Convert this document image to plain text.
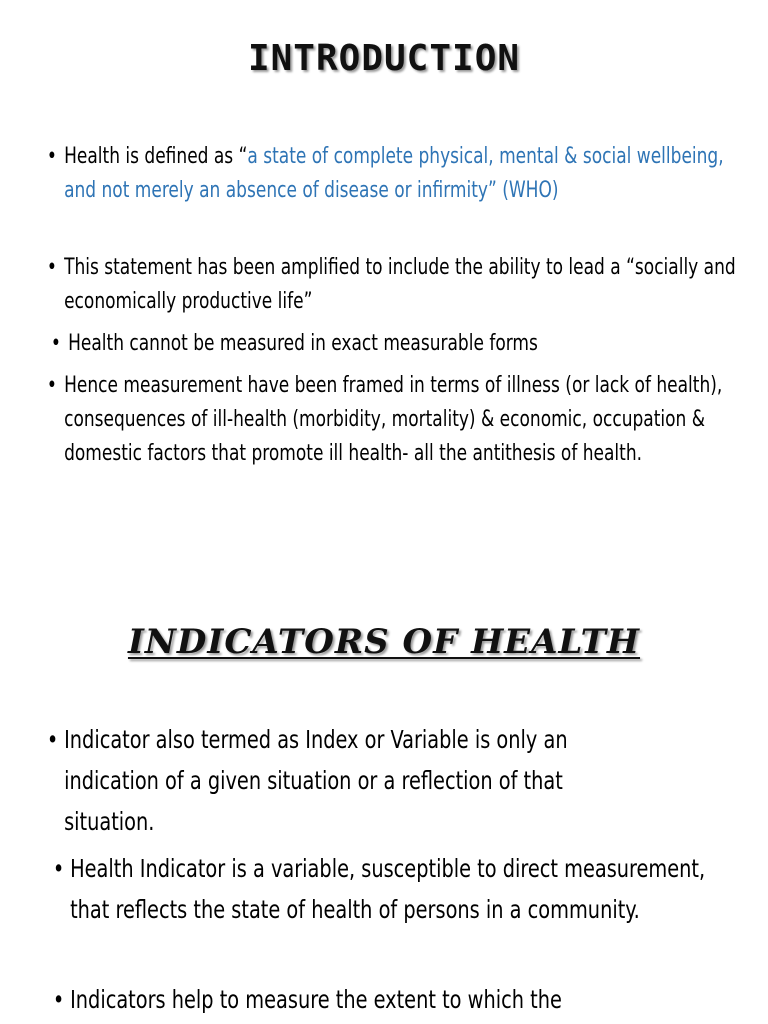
INTRODUCTION
• Health is defined as “a state of complete physical, mental & social wellbeing, and not merely an absence of disease or infirmity” (WHO)
• This statement has been amplified to include the ability to lead a “socially and economically productive life”
• Health cannot be measured in exact measurable forms
• Hence measurement have been framed in terms of illness (or lack of health), consequences of ill-health (morbidity, mortality) & economic, occupation & domestic factors that promote ill health- all the antithesis of health.
INDICATORS OF HEALTH
• Indicator also termed as Index or Variable is only an indication of a given situation or a reflection of that situation.
• Health Indicator is a variable, susceptible to direct measurement, that reflects the state of health of persons in a community.
• Indicators help to measure the extent to which the
